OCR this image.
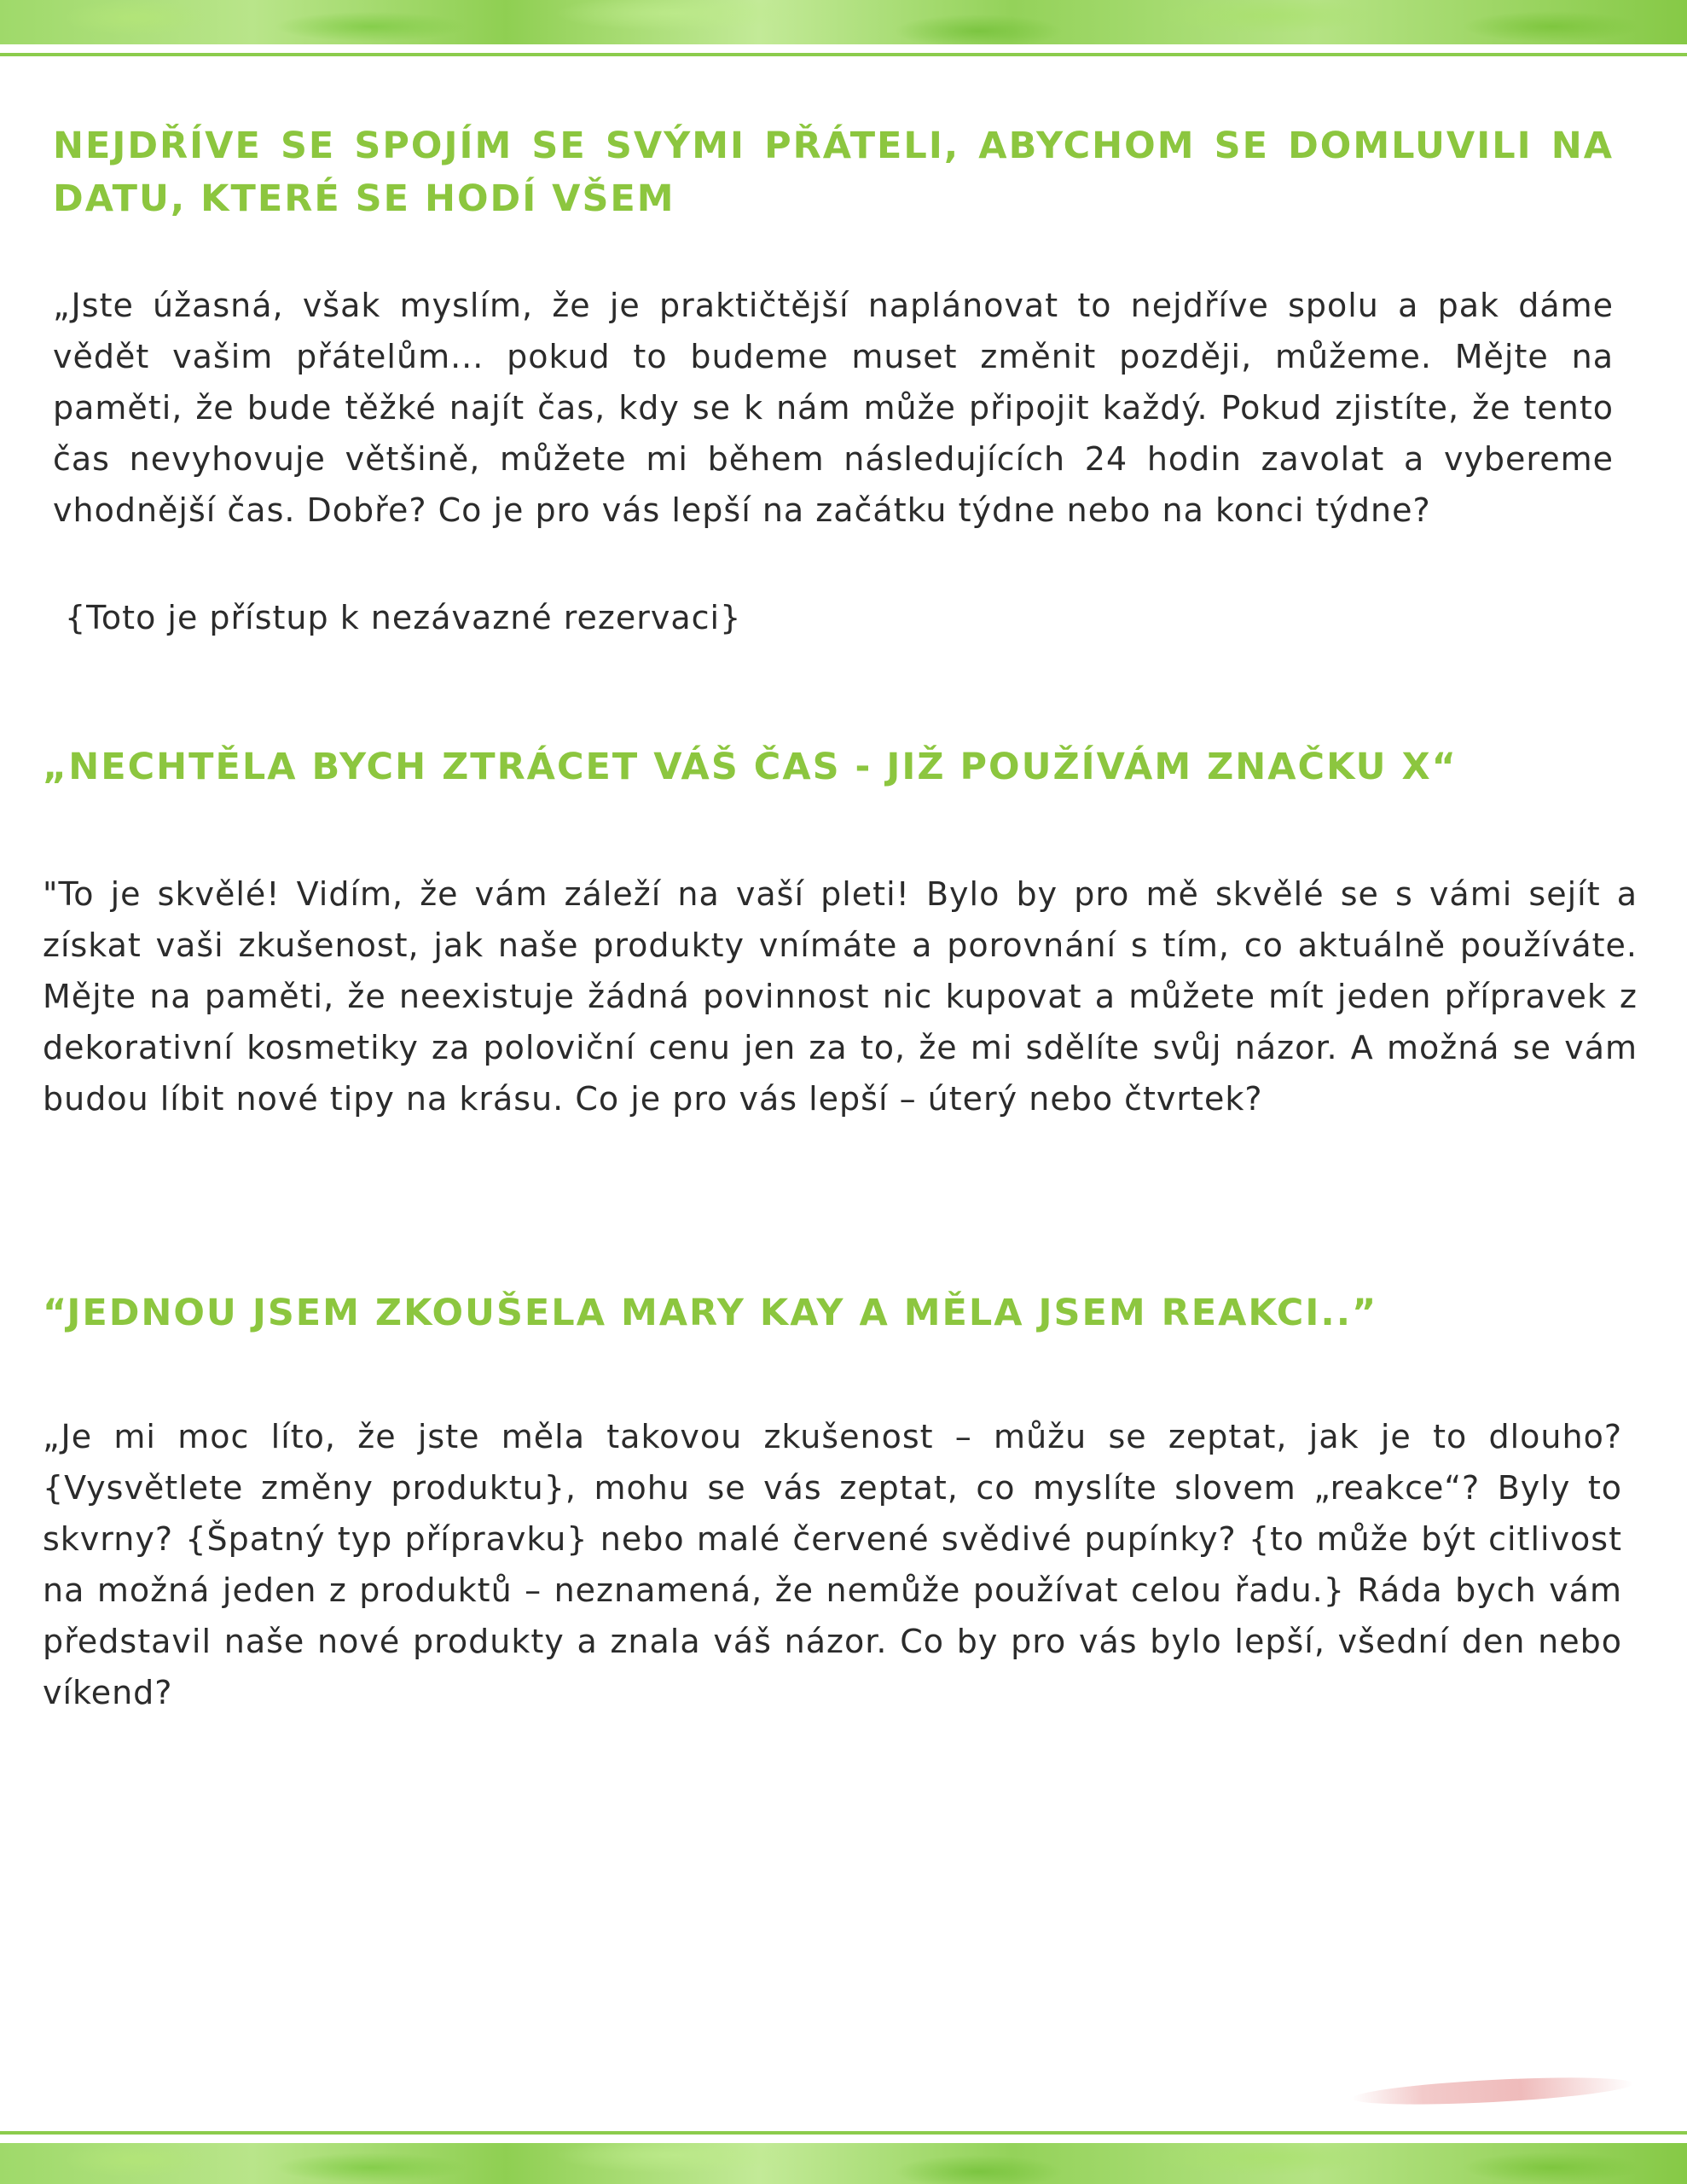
NEJDŘÍVE SE SPOJÍM SE SVÝMI PŘÁTELI, ABYCHOM SE DOMLUVILI NA DATU, KTERÉ SE HODÍ VŠEM

„Jste úžasná, však myslím, že je praktičtější naplánovat to nejdříve spolu a pak dáme vědět vašim přátelům... pokud to budeme muset změnit později, můžeme. Mějte na paměti, že bude těžké najít čas, kdy se k nám může připojit každý. Pokud zjistíte, že tento čas nevyhovuje většině, můžete mi během následujících 24 hodin zavolat a vybereme vhodnější čas. Dobře? Co je pro vás lepší na začátku týdne nebo na konci týdne?

{Toto je přístup k nezávazné rezervaci}

„NECHTĚLA BYCH ZTRÁCET VÁŠ ČAS - JIŽ POUŽÍVÁM ZNAČKU X“

"To je skvělé! Vidím, že vám záleží na vaší pleti! Bylo by pro mě skvělé se s vámi sejít a získat vaši zkušenost, jak naše produkty vnímáte a porovnání s tím, co aktuálně používáte. Mějte na paměti, že neexistuje žádná povinnost nic kupovat a můžete mít jeden přípravek z dekorativní kosmetiky za poloviční cenu jen za to, že mi sdělíte svůj názor. A možná se vám budou líbit nové tipy na krásu. Co je pro vás lepší – úterý nebo čtvrtek?

“JEDNOU JSEM ZKOUŠELA MARY KAY A MĚLA JSEM REAKCI..”

„Je mi moc líto, že jste měla takovou zkušenost – můžu se zeptat, jak je to dlouho? {Vysvětlete změny produktu}, mohu se vás zeptat, co myslíte slovem „reakce“? Byly to skvrny? {Špatný typ přípravku} nebo malé červené svědivé pupínky? {to může být citlivost na možná jeden z produktů – neznamená, že nemůže používat celou řadu.} Ráda bych vám představil naše nové produkty a znala váš názor. Co by pro vás bylo lepší, všední den nebo víkend?
